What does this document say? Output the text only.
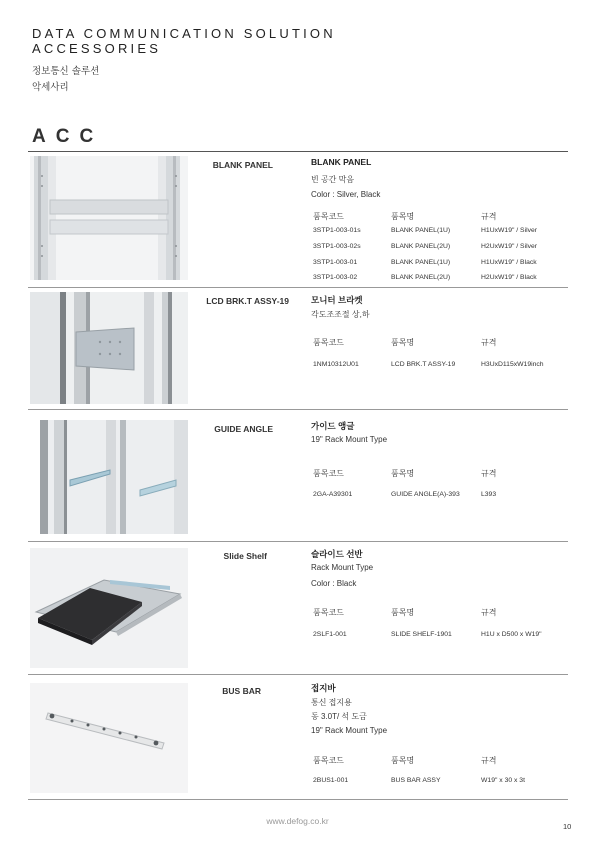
DATA COMMUNICATION SOLUTION
ACCESSORIES
정보통신 솔루션
악세사리
ACC
BLANK PANEL	BLANK PANEL
빈 공간 막음
Color : Silver, Black
품목코드	품목명	규격
3STP1-003-01s	BLANK PANEL(1U)	H1UxW19" / Silver
3STP1-003-02s	BLANK PANEL(2U)	H2UxW19" / Silver
3STP1-003-01	BLANK PANEL(1U)	H1UxW19" / Black
3STP1-003-02	BLANK PANEL(2U)	H2UxW19" / Black
LCD BRK.T ASSY-19	모니터 브라켓
각도조조절 상,하
품목코드	품목명	규격
1NM10312U01	LCD BRK.T ASSY-19	H3UxD115xW19inch
GUIDE ANGLE	가이드 앵글
19" Rack Mount Type
품목코드	품목명	규격
2GA-A39301	GUIDE ANGLE(A)-393	L393
Slide Shelf	슬라이드 선반
Rack Mount Type
Color : Black
품목코드	품목명	규격
2SLF1-001	SLIDE SHELF-1901	H1U x D500 x W19"
BUS BAR	접지바
통신 접지용
동 3.0T/ 석 도금
19" Rack Mount Type
품목코드	품목명	규격
2BUS1-001	BUS BAR ASSY	W19" x 30 x 3t
www.defog.co.kr
10
